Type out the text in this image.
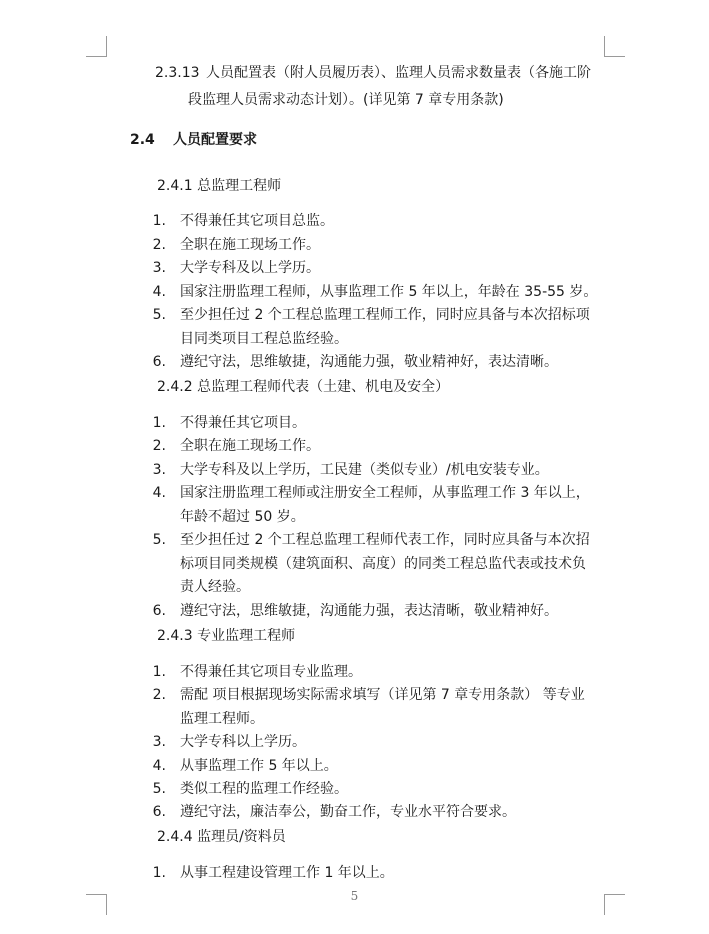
2.3.13 人员配置表（附人员履历表）、监理人员需求数量表（各施工阶
段监理人员需求动态计划）。(详见第 7 章专用条款)
2.4 人员配置要求
2.4.1 总监理工程师
1. 不得兼任其它项目总监。
2. 全职在施工现场工作。
3. 大学专科及以上学历。
4. 国家注册监理工程师，从事监理工作 5 年以上，年龄在 35-55 岁。
5. 至少担任过 2 个工程总监理工程师工作，同时应具备与本次招标项
目同类项目工程总监经验。
6. 遵纪守法，思维敏捷，沟通能力强，敬业精神好，表达清晰。
2.4.2 总监理工程师代表（土建、机电及安全）
1. 不得兼任其它项目。
2. 全职在施工现场工作。
3. 大学专科及以上学历，工民建（类似专业）/机电安装专业。
4. 国家注册监理工程师或注册安全工程师，从事监理工作 3 年以上，
年龄不超过 50 岁。
5. 至少担任过 2 个工程总监理工程师代表工作，同时应具备与本次招
标项目同类规模（建筑面积、高度）的同类工程总监代表或技术负
责人经验。
6. 遵纪守法，思维敏捷，沟通能力强，表达清晰，敬业精神好。
2.4.3 专业监理工程师
1. 不得兼任其它项目专业监理。
2. 需配 项目根据现场实际需求填写（详见第 7 章专用条款） 等专业
监理工程师。
3. 大学专科以上学历。
4. 从事监理工作 5 年以上。
5. 类似工程的监理工作经验。
6. 遵纪守法，廉洁奉公，勤奋工作，专业水平符合要求。
2.4.4 监理员/资料员
1. 从事工程建设管理工作 1 年以上。
5
